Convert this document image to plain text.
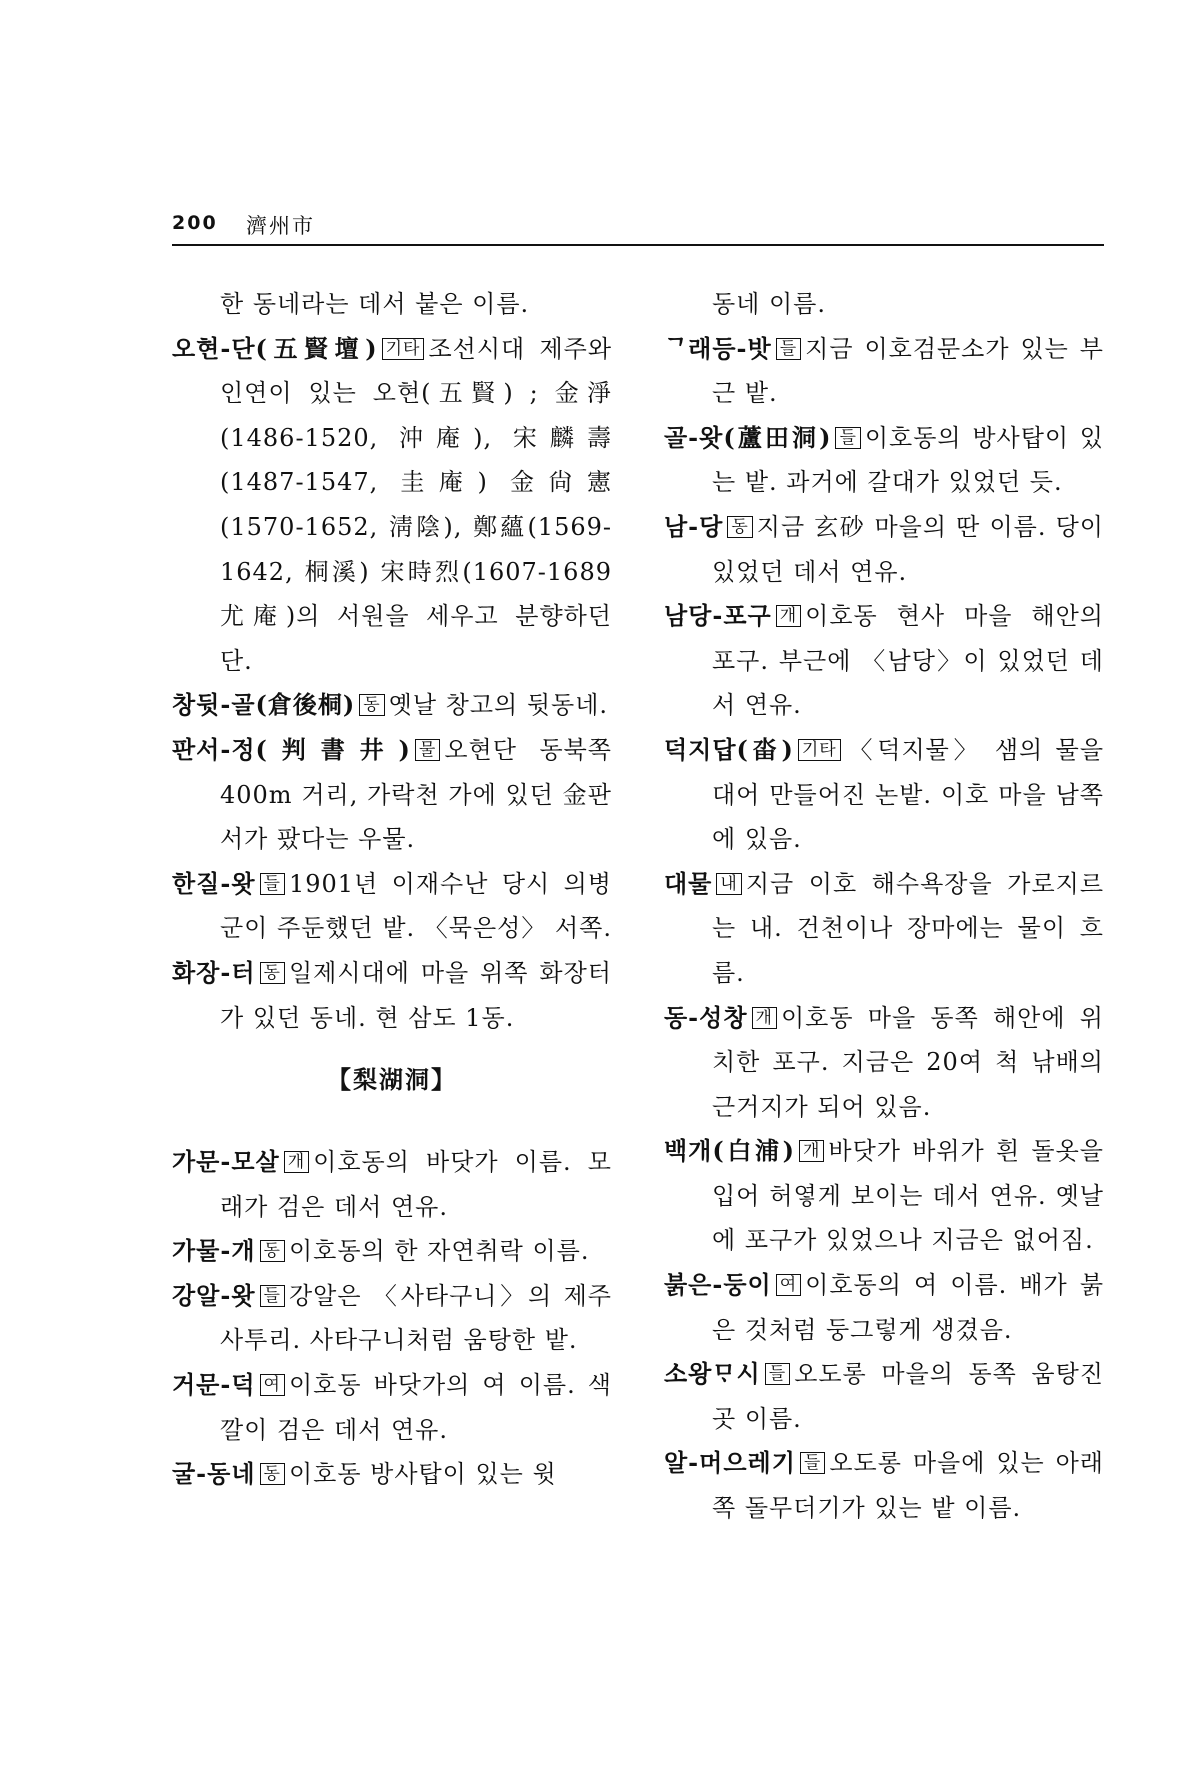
200 濟州市

한 동네라는 데서 붙은 이름.

오현-단(五賢壇) 기타 조선시대 제주와 인연이 있는 오현(五賢) ; 金淨(1486-1520, 沖庵), 宋麟壽(1487-1547, 圭庵) 金尙憲(1570-1652, 淸陰), 鄭蘊(1569-1642, 桐溪) 宋時烈(1607-1689 尤庵)의 서원을 세우고 분향하던 단.

창뒷-골(倉後桐) 동 옛날 창고의 뒷동네.

판서-정(判書井) 물 오현단 동북쪽 400m 거리, 가락천 가에 있던 金판서가 팠다는 우물.

한질-왓 들 1901년 이재수난 당시 의병군이 주둔했던 밭. 〈묵은성〉 서쪽.

화장-터 동 일제시대에 마을 위쪽 화장터가 있던 동네. 현 삼도 1동.

【梨湖洞】

가문-모살 개 이호동의 바닷가 이름. 모래가 검은 데서 연유.

가물-개 동 이호동의 한 자연취락 이름.

강알-왓 들 강알은 〈사타구니〉의 제주 사투리. 사타구니처럼 움탕한 밭.

거문-덕 여 이호동 바닷가의 여 이름. 색깔이 검은 데서 연유.

굴-동네 동 이호동 방사탑이 있는 윗

동네 이름.

ᄀ래등-밧 들 지금 이호검문소가 있는 부근 밭.

골-왓(蘆田洞) 들 이호동의 방사탑이 있는 밭. 과거에 갈대가 있었던 듯.

남-당 동 지금 玄砂 마을의 딴 이름. 당이 있었던 데서 연유.

남당-포구 개 이호동 현사 마을 해안의 포구. 부근에 〈남당〉이 있었던 데서 연유.

덕지답(畓) 기타 〈덕지물〉 샘의 물을 대어 만들어진 논밭. 이호 마을 남쪽에 있음.

대물 내 지금 이호 해수욕장을 가로지르는 내. 건천이나 장마에는 물이 흐름.

동-성창 개 이호동 마을 동쪽 해안에 위치한 포구. 지금은 20여 척 낚배의 근거지가 되어 있음.

백개(白浦) 개 바닷가 바위가 흰 돌옷을 입어 허옇게 보이는 데서 연유. 옛날에 포구가 있었으나 지금은 없어짐.

붉은-둥이 여 이호동의 여 이름. 배가 붉은 것처럼 둥그렇게 생겼음.

소왕ᄆᆞ시 들 오도롱 마을의 동쪽 움탕진 곳 이름.

알-머으레기 들 오도롱 마을에 있는 아래쪽 돌무더기가 있는 밭 이름.
